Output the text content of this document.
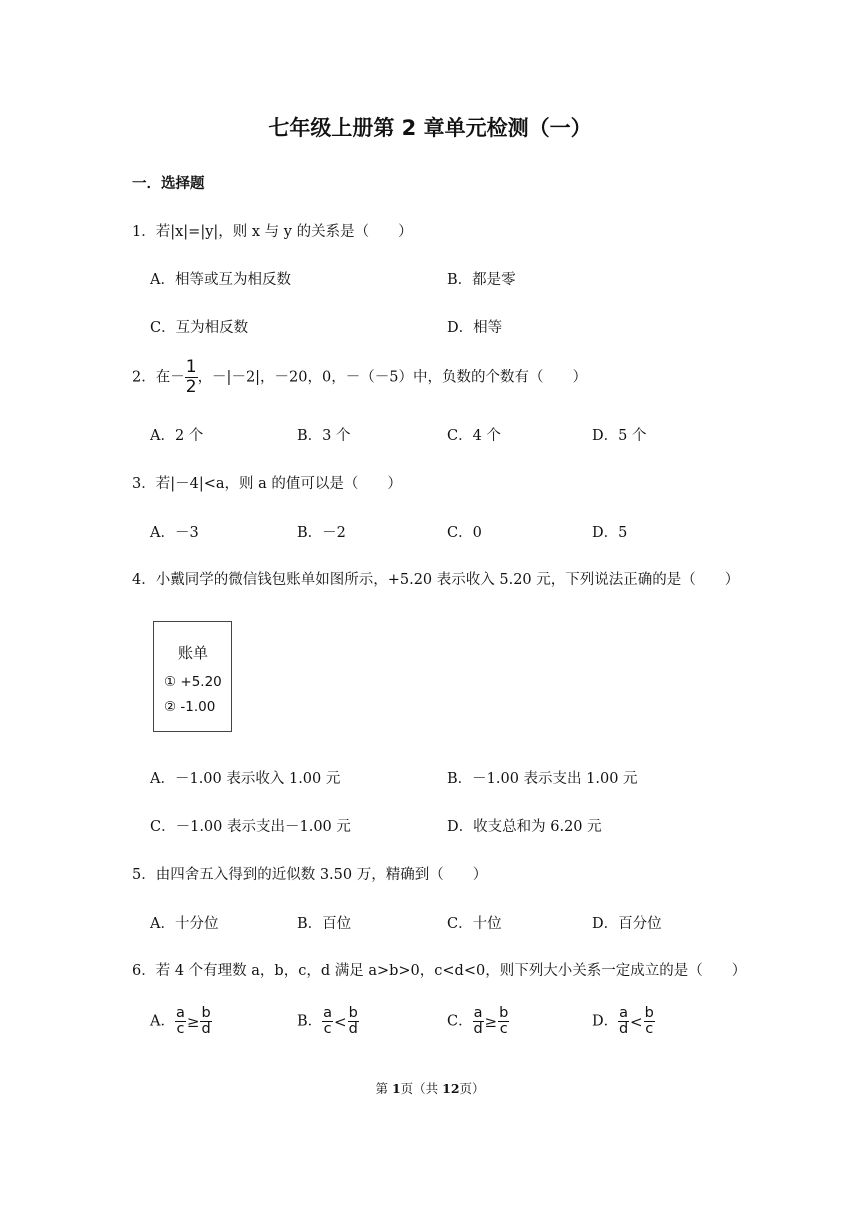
七年级上册第 2 章单元检测（一）
一．选择题
1．若|x|=|y|，则 x 与 y 的关系是（　　）
A．相等或互为相反数	B．都是零
C．互为相反数	D．相等
2．在－ $\frac{1}{2}$ ，－|－2|，－20，0，－（－5）中，负数的个数有（　　）
A．2 个	B．3 个	C．4 个	D．5 个
3．若|－4|<a，则 a 的值可以是（　　）
A．－3	B．－2	C．0	D．5
4．小戴同学的微信钱包账单如图所示，+5.20 表示收入 5.20 元，下列说法正确的是（　　）
账单
① +5.20
② -1.00
A．－1.00 表示收入 1.00 元	B．－1.00 表示支出 1.00 元
C．－1.00 表示支出－1.00 元	D．收支总和为 6.20 元
5．由四舍五入得到的近似数 3.50 万，精确到（　　）
A．十分位	B．百位	C．十位	D．百分位
6．若 4 个有理数 a，b，c，d 满足 a>b>0，c<d<0，则下列大小关系一定成立的是（　　）
A． $\frac{a}{c} \ge \frac{b}{d}$	B． $\frac{a}{c} < \frac{b}{d}$	C． $\frac{a}{d} \ge \frac{b}{c}$	D． $\frac{a}{d} < \frac{b}{c}$
第 1页（共 12页）
